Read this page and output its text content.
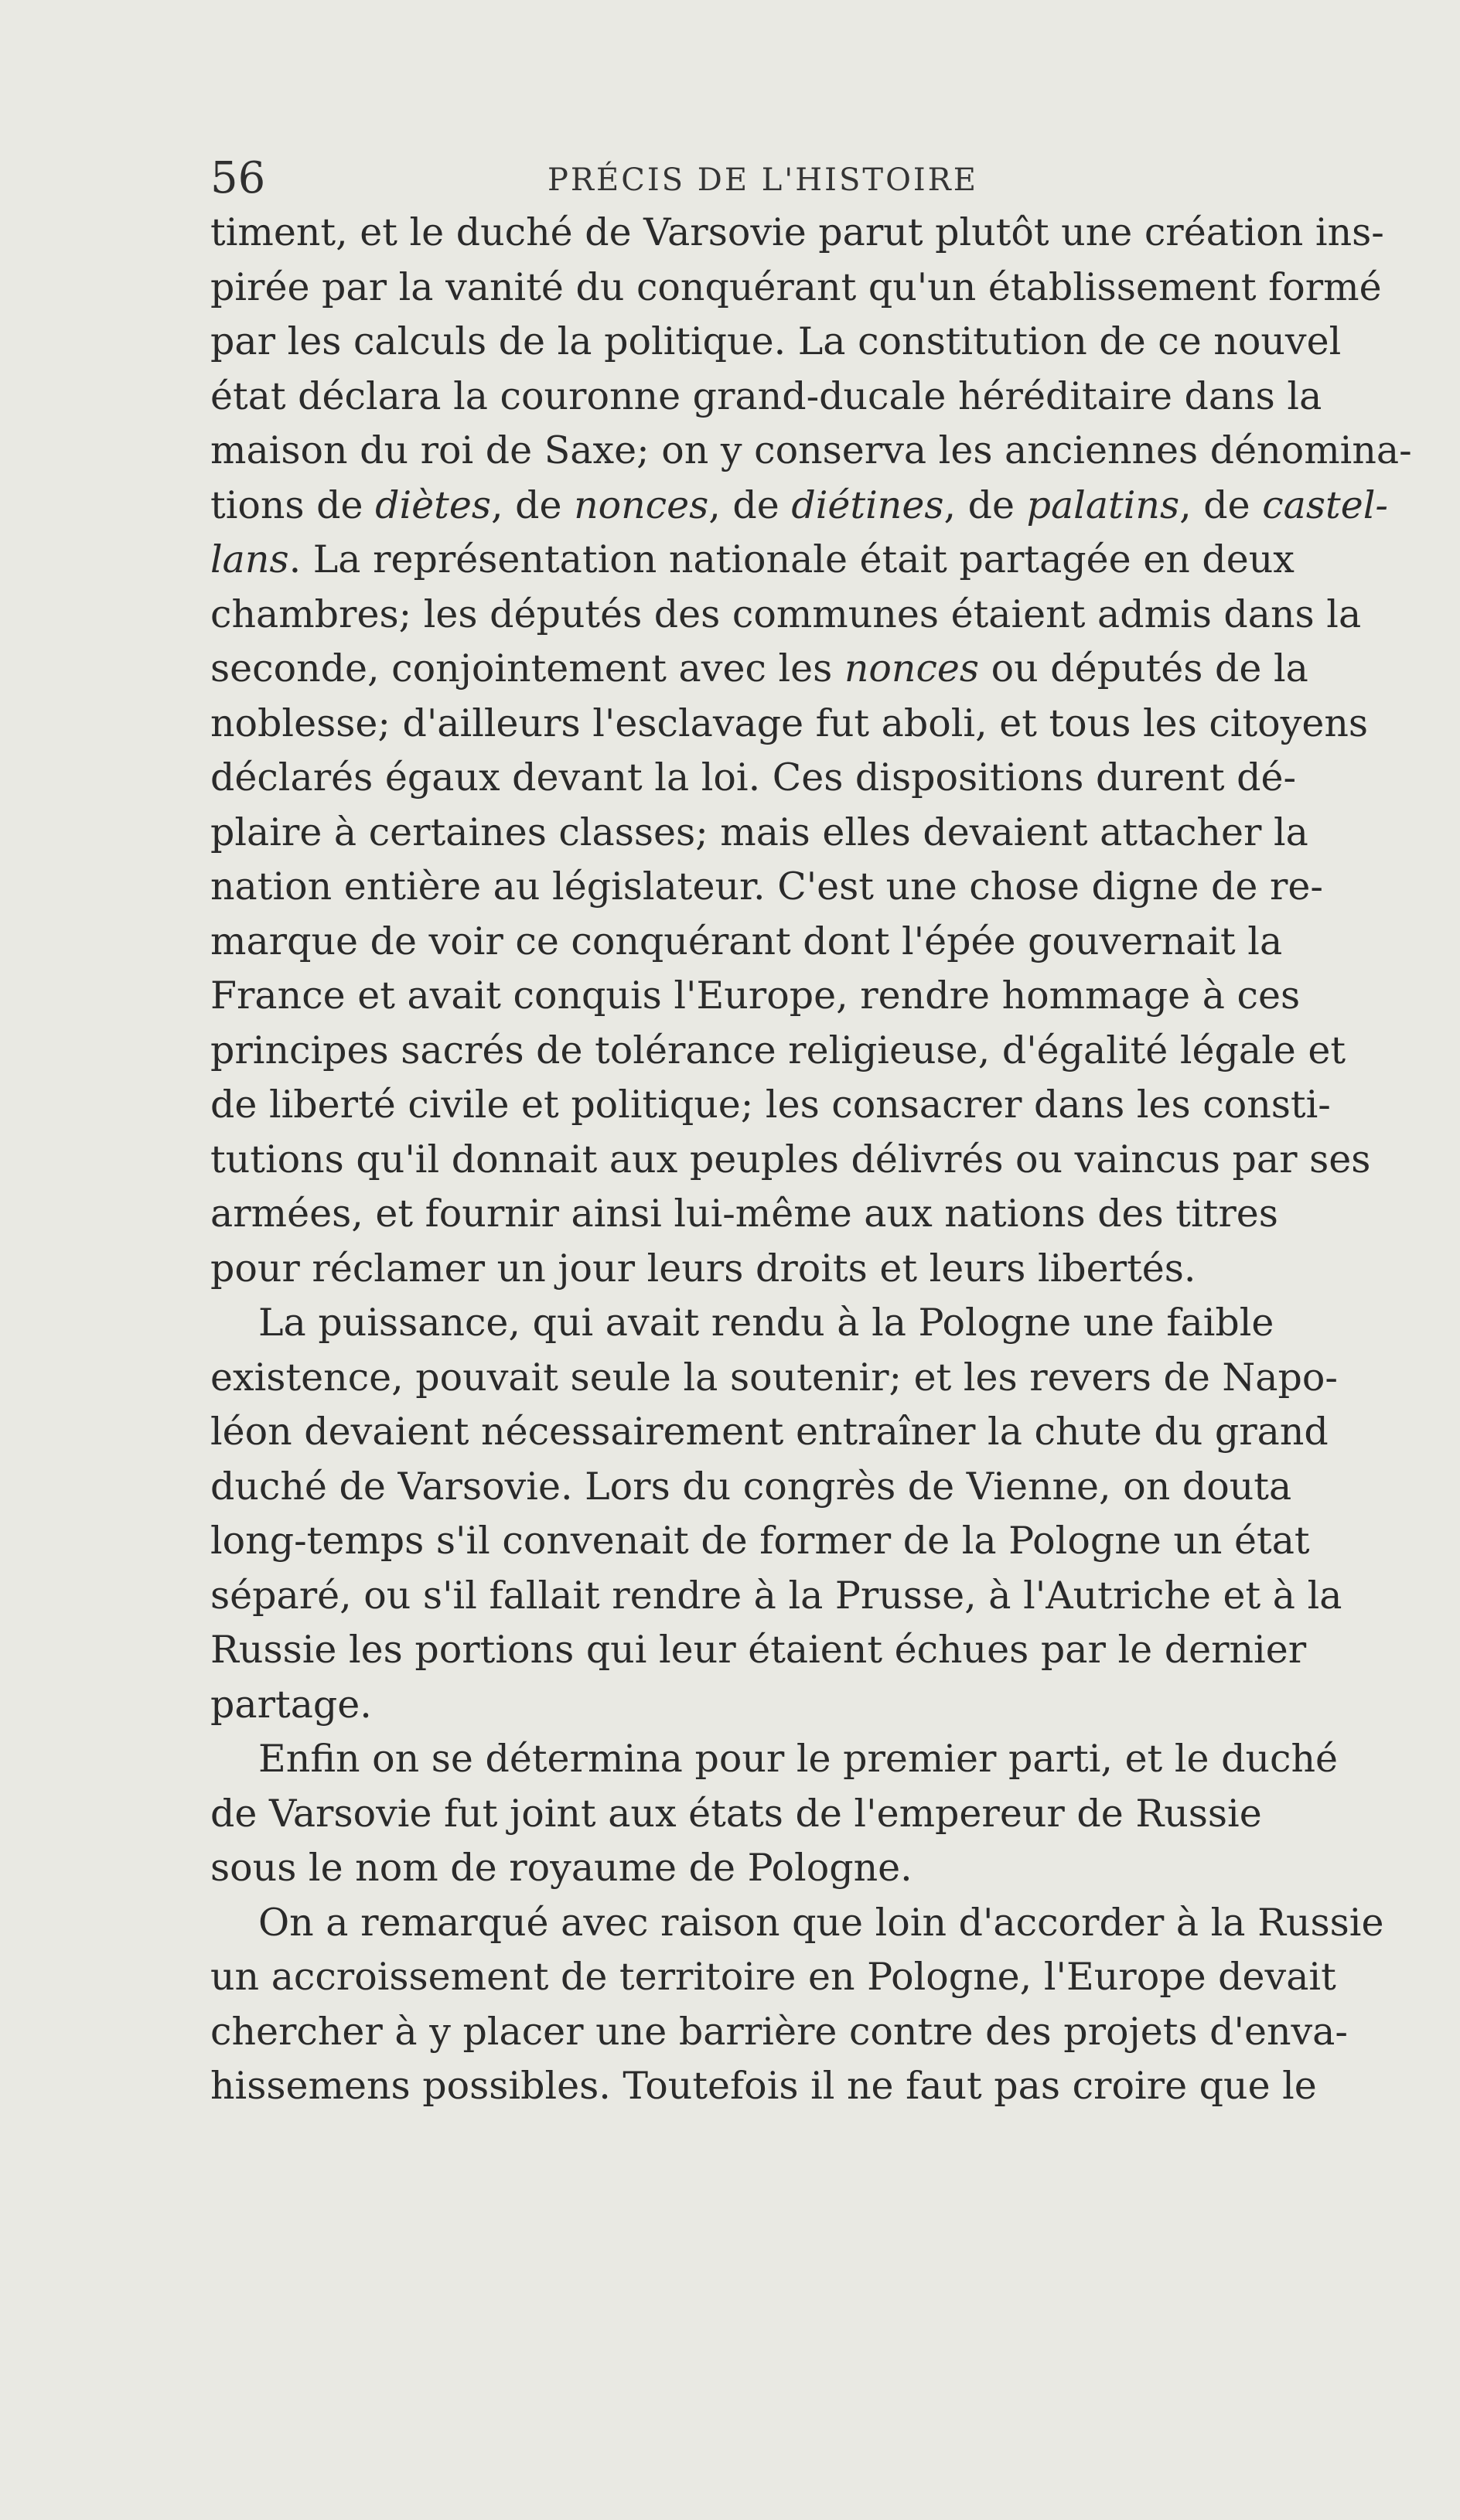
56	PRÉCIS DE L'HISTOIRE
timent, et le duché de Varsovie parut plutôt une création ins-
pirée par la vanité du conquérant qu'un établissement formé
par les calculs de la politique. La constitution de ce nouvel
état déclara la couronne grand-ducale héréditaire dans la
maison du roi de Saxe; on y conserva les anciennes dénomina-
tions de diètes, de nonces, de diétines, de palatins, de castel-
lans. La représentation nationale était partagée en deux
chambres; les députés des communes étaient admis dans la
seconde, conjointement avec les nonces ou députés de la
noblesse; d'ailleurs l'esclavage fut aboli, et tous les citoyens
déclarés égaux devant la loi. Ces dispositions durent dé-
plaire à certaines classes; mais elles devaient attacher la
nation entière au législateur. C'est une chose digne de re-
marque de voir ce conquérant dont l'épée gouvernait la
France et avait conquis l'Europe, rendre hommage à ces
principes sacrés de tolérance religieuse, d'égalité légale et
de liberté civile et politique; les consacrer dans les consti-
tutions qu'il donnait aux peuples délivrés ou vaincus par ses
armées, et fournir ainsi lui-même aux nations des titres
pour réclamer un jour leurs droits et leurs libertés.
La puissance, qui avait rendu à la Pologne une faible
existence, pouvait seule la soutenir; et les revers de Napo-
léon devaient nécessairement entraîner la chute du grand
duché de Varsovie. Lors du congrès de Vienne, on douta
long-temps s'il convenait de former de la Pologne un état
séparé, ou s'il fallait rendre à la Prusse, à l'Autriche et à la
Russie les portions qui leur étaient échues par le dernier
partage.
Enfin on se détermina pour le premier parti, et le duché
de Varsovie fut joint aux états de l'empereur de Russie
sous le nom de royaume de Pologne.
On a remarqué avec raison que loin d'accorder à la Russie
un accroissement de territoire en Pologne, l'Europe devait
chercher à y placer une barrière contre des projets d'enva-
hissemens possibles. Toutefois il ne faut pas croire que le
